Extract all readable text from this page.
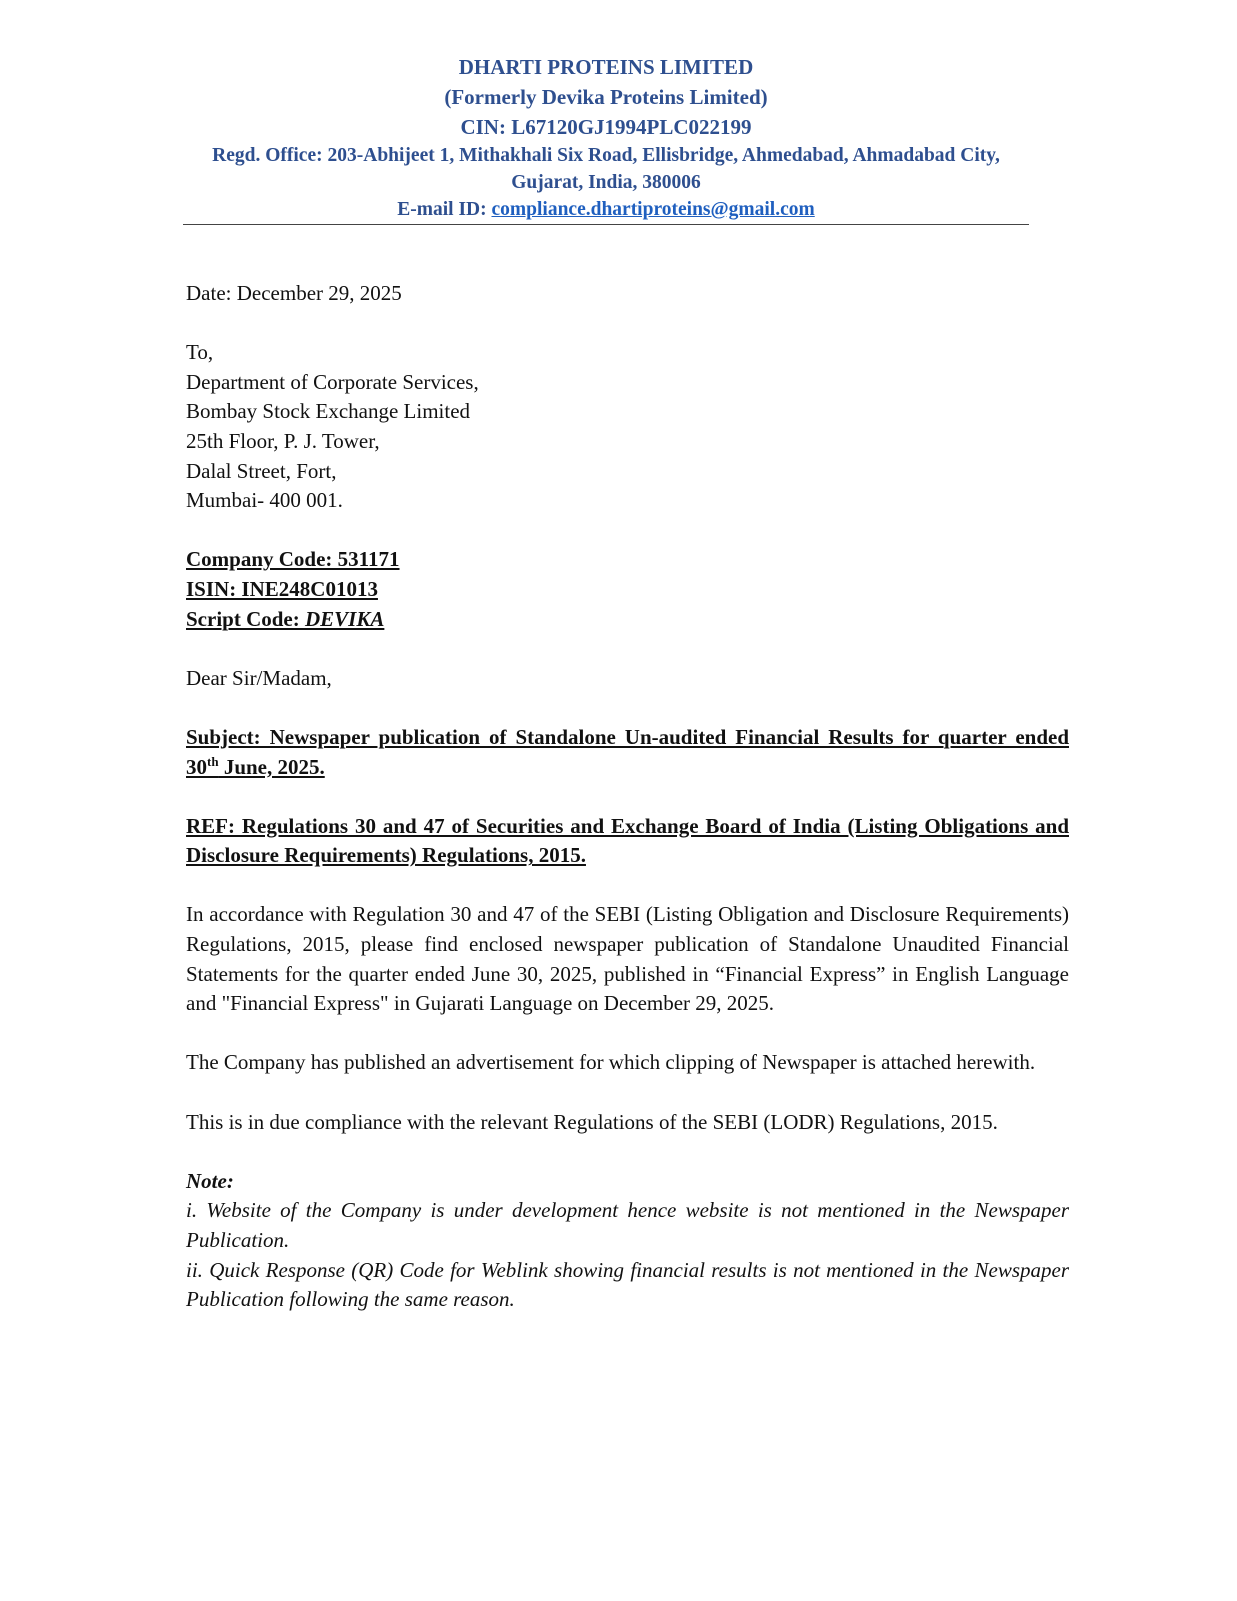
DHARTI PROTEINS LIMITED
(Formerly Devika Proteins Limited)
CIN: L67120GJ1994PLC022199
Regd. Office: 203-Abhijeet 1, Mithakhali Six Road, Ellisbridge, Ahmedabad, Ahmadabad City,
Gujarat, India, 380006
E-mail ID: compliance.dhartiproteins@gmail.com

Date: December 29, 2025

To,

Department of Corporate Services,

Bombay Stock Exchange Limited

25th Floor, P. J. Tower,

Dalal Street, Fort,

Mumbai- 400 001.

Company Code: 531171

ISIN: INE248C01013

Script Code: DEVIKA

Dear Sir/Madam,

Subject: Newspaper publication of Standalone Un-audited Financial Results for quarter ended 30th June, 2025.

REF: Regulations 30 and 47 of Securities and Exchange Board of India (Listing Obligations and Disclosure Requirements) Regulations, 2015.

In accordance with Regulation 30 and 47 of the SEBI (Listing Obligation and Disclosure Requirements) Regulations, 2015, please find enclosed newspaper publication of Standalone Unaudited Financial Statements for the quarter ended June 30, 2025, published in “Financial Express” in English Language and "Financial Express" in Gujarati Language on December 29, 2025.

The Company has published an advertisement for which clipping of Newspaper is attached herewith.

This is in due compliance with the relevant Regulations of the SEBI (LODR) Regulations, 2015.

Note:

i. Website of the Company is under development hence website is not mentioned in the Newspaper Publication.

ii. Quick Response (QR) Code for Weblink showing financial results is not mentioned in the Newspaper Publication following the same reason.
